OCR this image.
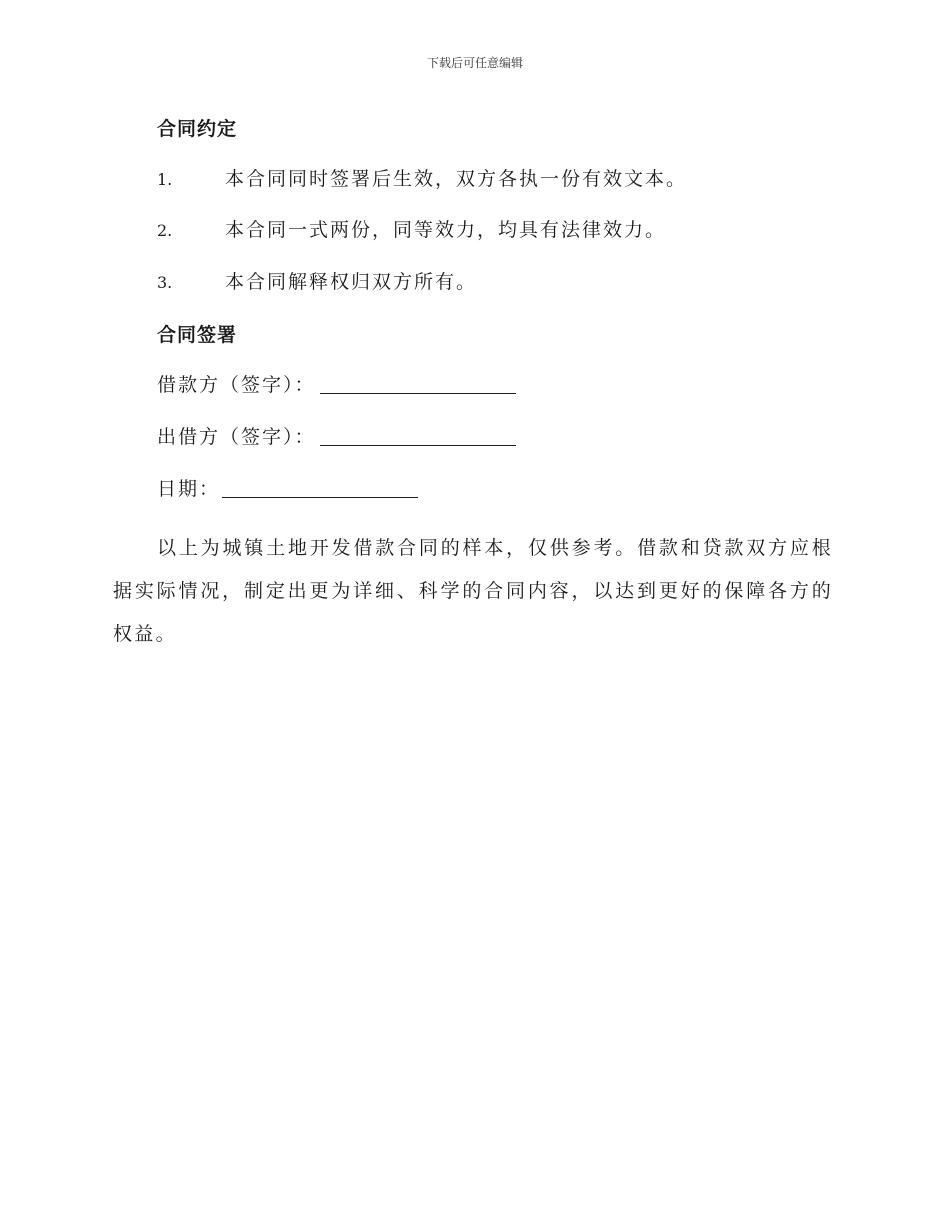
下载后可任意编辑
合同约定
1.	本合同同时签署后生效，双方各执一份有效文本。
2.	本合同一式两份，同等效力，均具有法律效力。
3.	本合同解释权归双方所有。
合同签署
借款方（签字）：
出借方（签字）：
日期：
以上为城镇土地开发借款合同的样本，仅供参考。借款和贷款双方应根据实际情况，制定出更为详细、科学的合同内容，以达到更好的保障各方的权益。
